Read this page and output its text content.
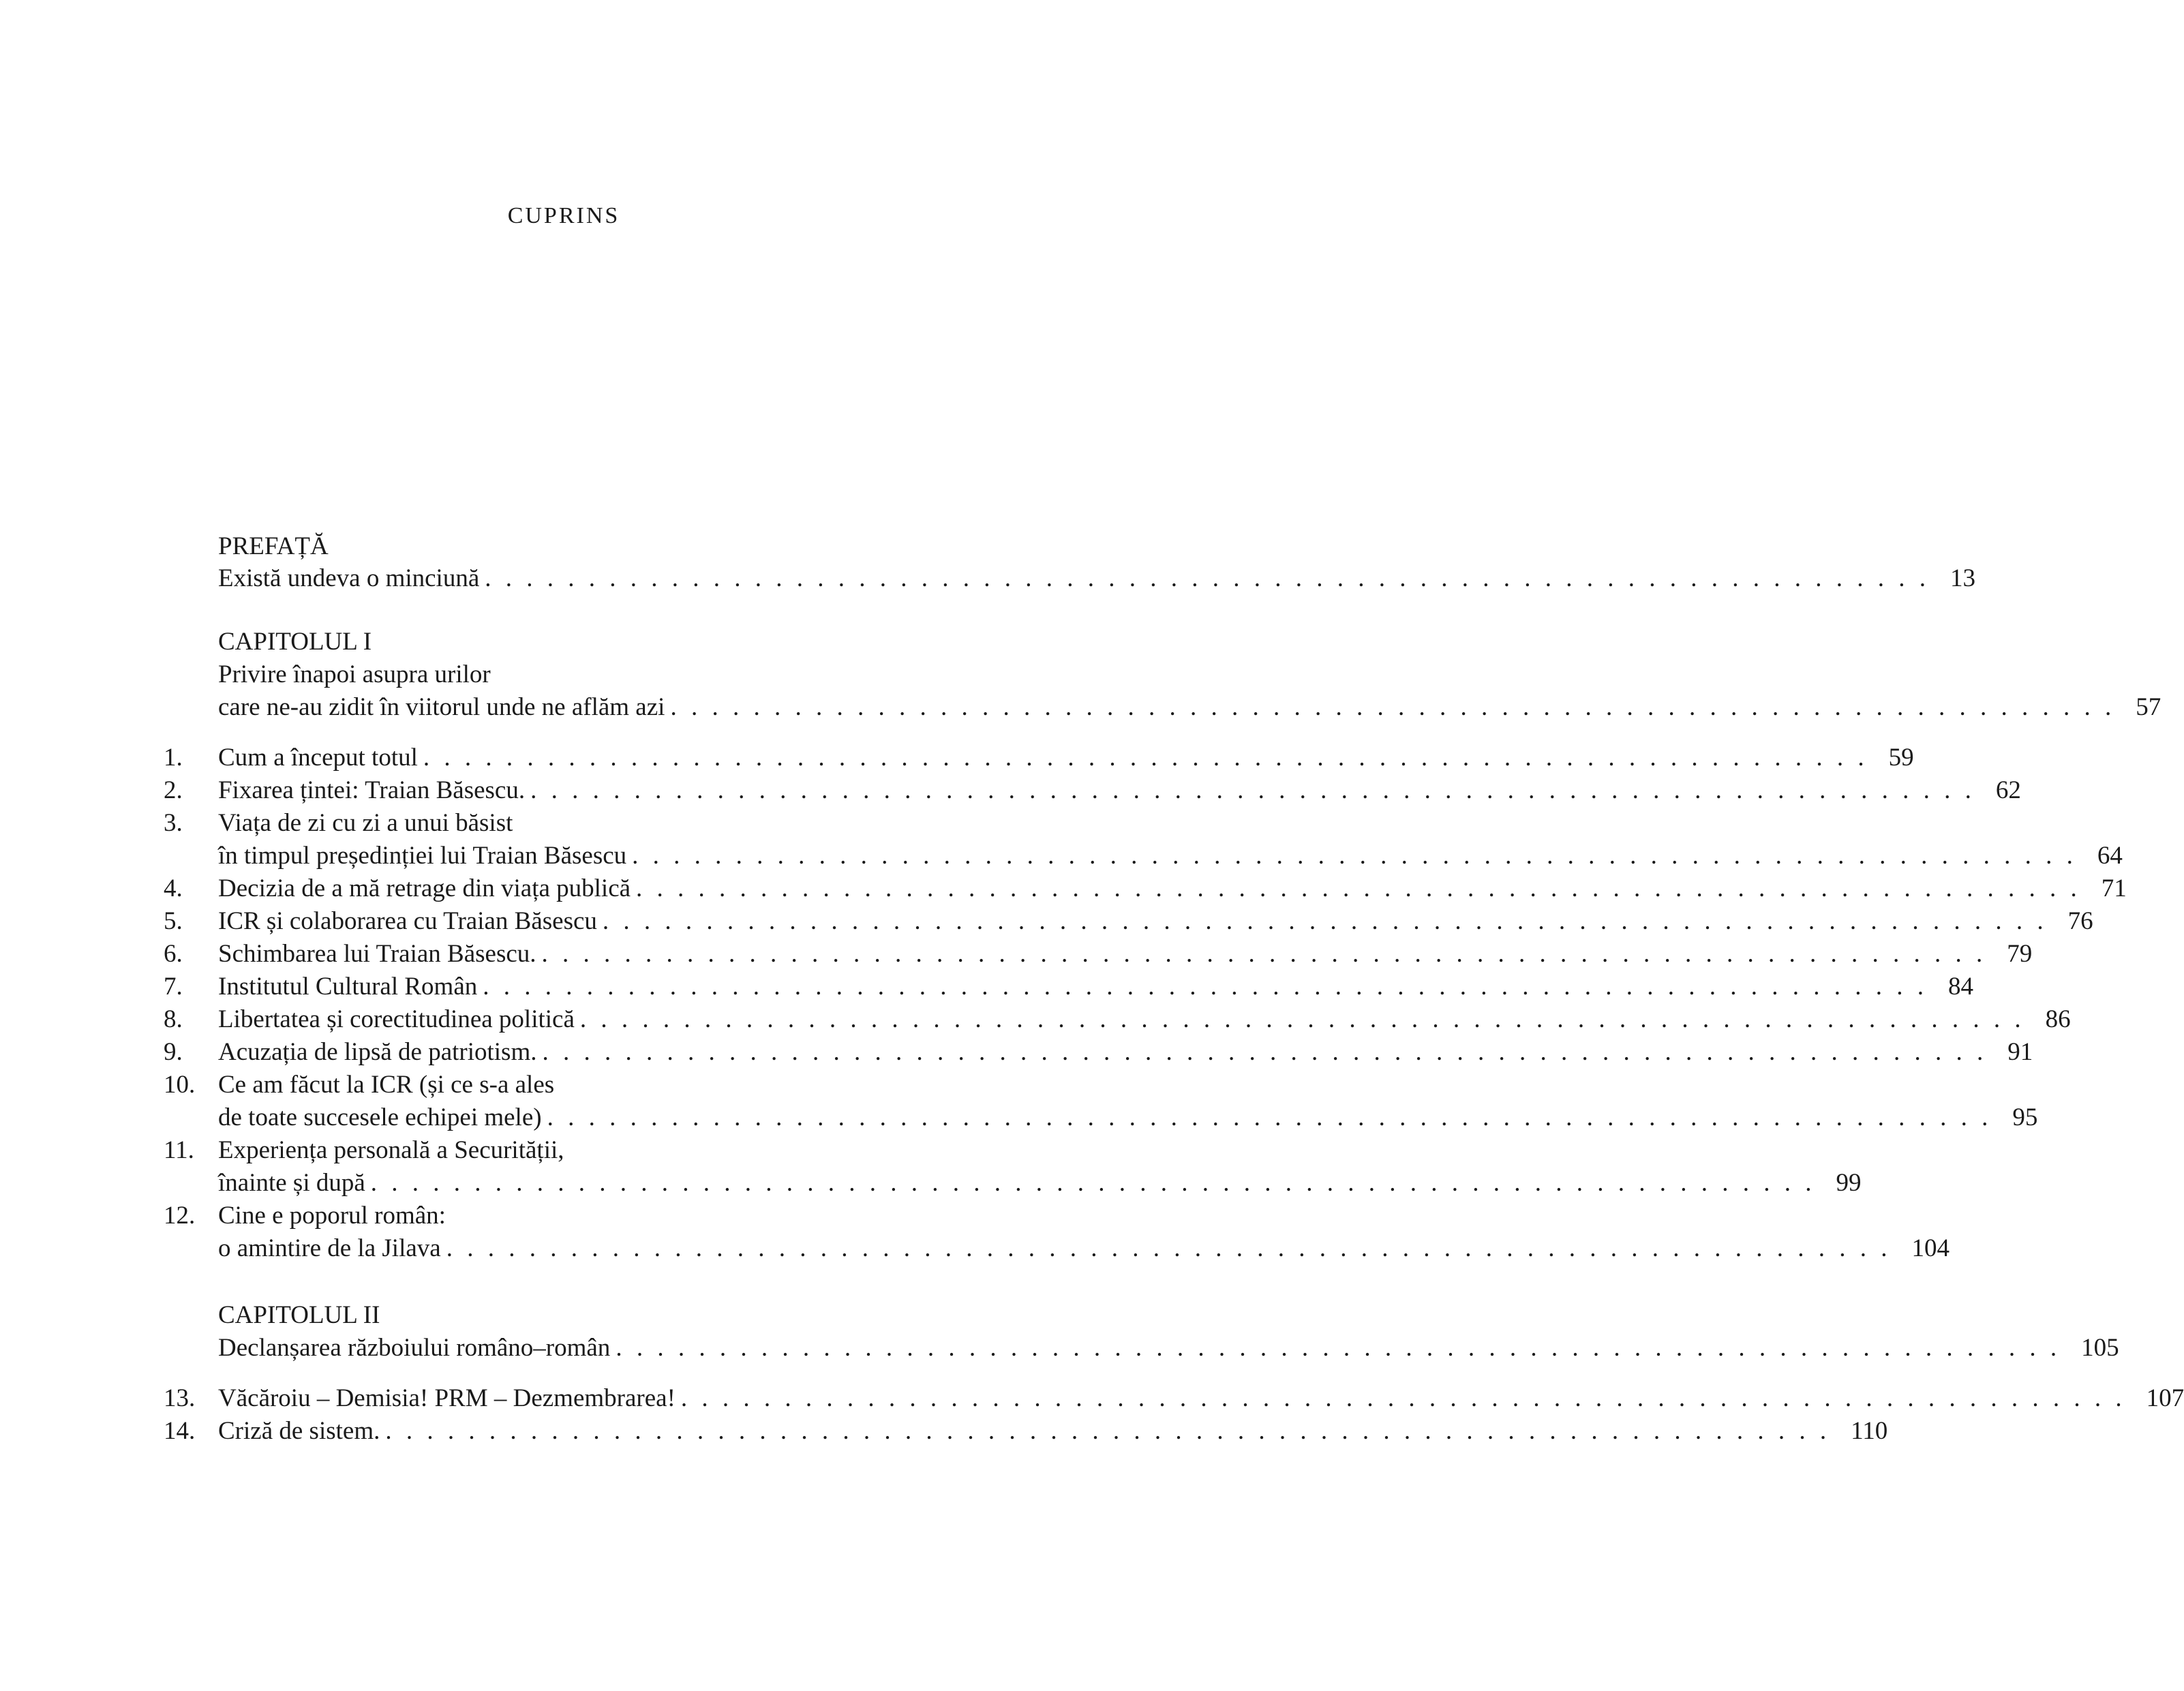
CUPRINS
PREFAȚĂ
Există undeva o minciună . . . . . . . . . . . . . . . . . . . . . . . . . . . . . . . . . . . . . . . . . . . . . . . . . . . . . . . . . . . . . . . . . . . . . . 13
CAPITOLUL I
Privire înapoi asupra urilor
care ne-au zidit în viitorul unde ne aflăm azi . . . . . . . . . . . . . . . . . . . . . . . . . . . . . . . . . . . . . . . . . . . . . . . . . . . . . . . . . . . . . . . . . . . . . . 57
1.	Cum a început totul . . . . . . . . . . . . . . . . . . . . . . . . . . . . . . . . . . . . . . . . . . . . . . . . . . . . . . . . . . . . . . . . . . . . . . 59
2.	Fixarea țintei: Traian Băsescu. . . . . . . . . . . . . . . . . . . . . . . . . . . . . . . . . . . . . . . . . . . . . . . . . . . . . . . . . . . . . . . . . . . . . . . 62
3.	Viața de zi cu zi a unui băsist
în timpul președinției lui Traian Băsescu . . . . . . . . . . . . . . . . . . . . . . . . . . . . . . . . . . . . . . . . . . . . . . . . . . . . . . . . . . . . . . . . . . . . . . 64
4.	Decizia de a mă retrage din viața publică . . . . . . . . . . . . . . . . . . . . . . . . . . . . . . . . . . . . . . . . . . . . . . . . . . . . . . . . . . . . . . . . . . . . . . 71
5.	ICR și colaborarea cu Traian Băsescu . . . . . . . . . . . . . . . . . . . . . . . . . . . . . . . . . . . . . . . . . . . . . . . . . . . . . . . . . . . . . . . . . . . . . . 76
6.	Schimbarea lui Traian Băsescu. . . . . . . . . . . . . . . . . . . . . . . . . . . . . . . . . . . . . . . . . . . . . . . . . . . . . . . . . . . . . . . . . . . . . . . 79
7.	Institutul Cultural Român . . . . . . . . . . . . . . . . . . . . . . . . . . . . . . . . . . . . . . . . . . . . . . . . . . . . . . . . . . . . . . . . . . . . . . 84
8.	Libertatea și corectitudinea politică . . . . . . . . . . . . . . . . . . . . . . . . . . . . . . . . . . . . . . . . . . . . . . . . . . . . . . . . . . . . . . . . . . . . . . 86
9.	Acuzația de lipsă de patriotism. . . . . . . . . . . . . . . . . . . . . . . . . . . . . . . . . . . . . . . . . . . . . . . . . . . . . . . . . . . . . . . . . . . . . . . 91
10. Ce am făcut la ICR (și ce s-a ales
de toate succesele echipei mele) . . . . . . . . . . . . . . . . . . . . . . . . . . . . . . . . . . . . . . . . . . . . . . . . . . . . . . . . . . . . . . . . . . . . . . 95
11. Experiența personală a Securității,
înainte și după . . . . . . . . . . . . . . . . . . . . . . . . . . . . . . . . . . . . . . . . . . . . . . . . . . . . . . . . . . . . . . . . . . . . . . 99
12. Cine e poporul român:
o amintire de la Jilava . . . . . . . . . . . . . . . . . . . . . . . . . . . . . . . . . . . . . . . . . . . . . . . . . . . . . . . . . . . . . . . . . . . . . . 104
CAPITOLUL II
Declanșarea războiului româno–român . . . . . . . . . . . . . . . . . . . . . . . . . . . . . . . . . . . . . . . . . . . . . . . . . . . . . . . . . . . . . . . . . . . . . . 105
13. Văcăroiu – Demisia! PRM – Dezmembrarea! . . . . . . . . . . . . . . . . . . . . . . . . . . . . . . . . . . . . . . . . . . . . . . . . . . . . . . . . . . . . . . . . . . . . . . 107
14. Criză de sistem. . . . . . . . . . . . . . . . . . . . . . . . . . . . . . . . . . . . . . . . . . . . . . . . . . . . . . . . . . . . . . . . . . . . . . . 110
